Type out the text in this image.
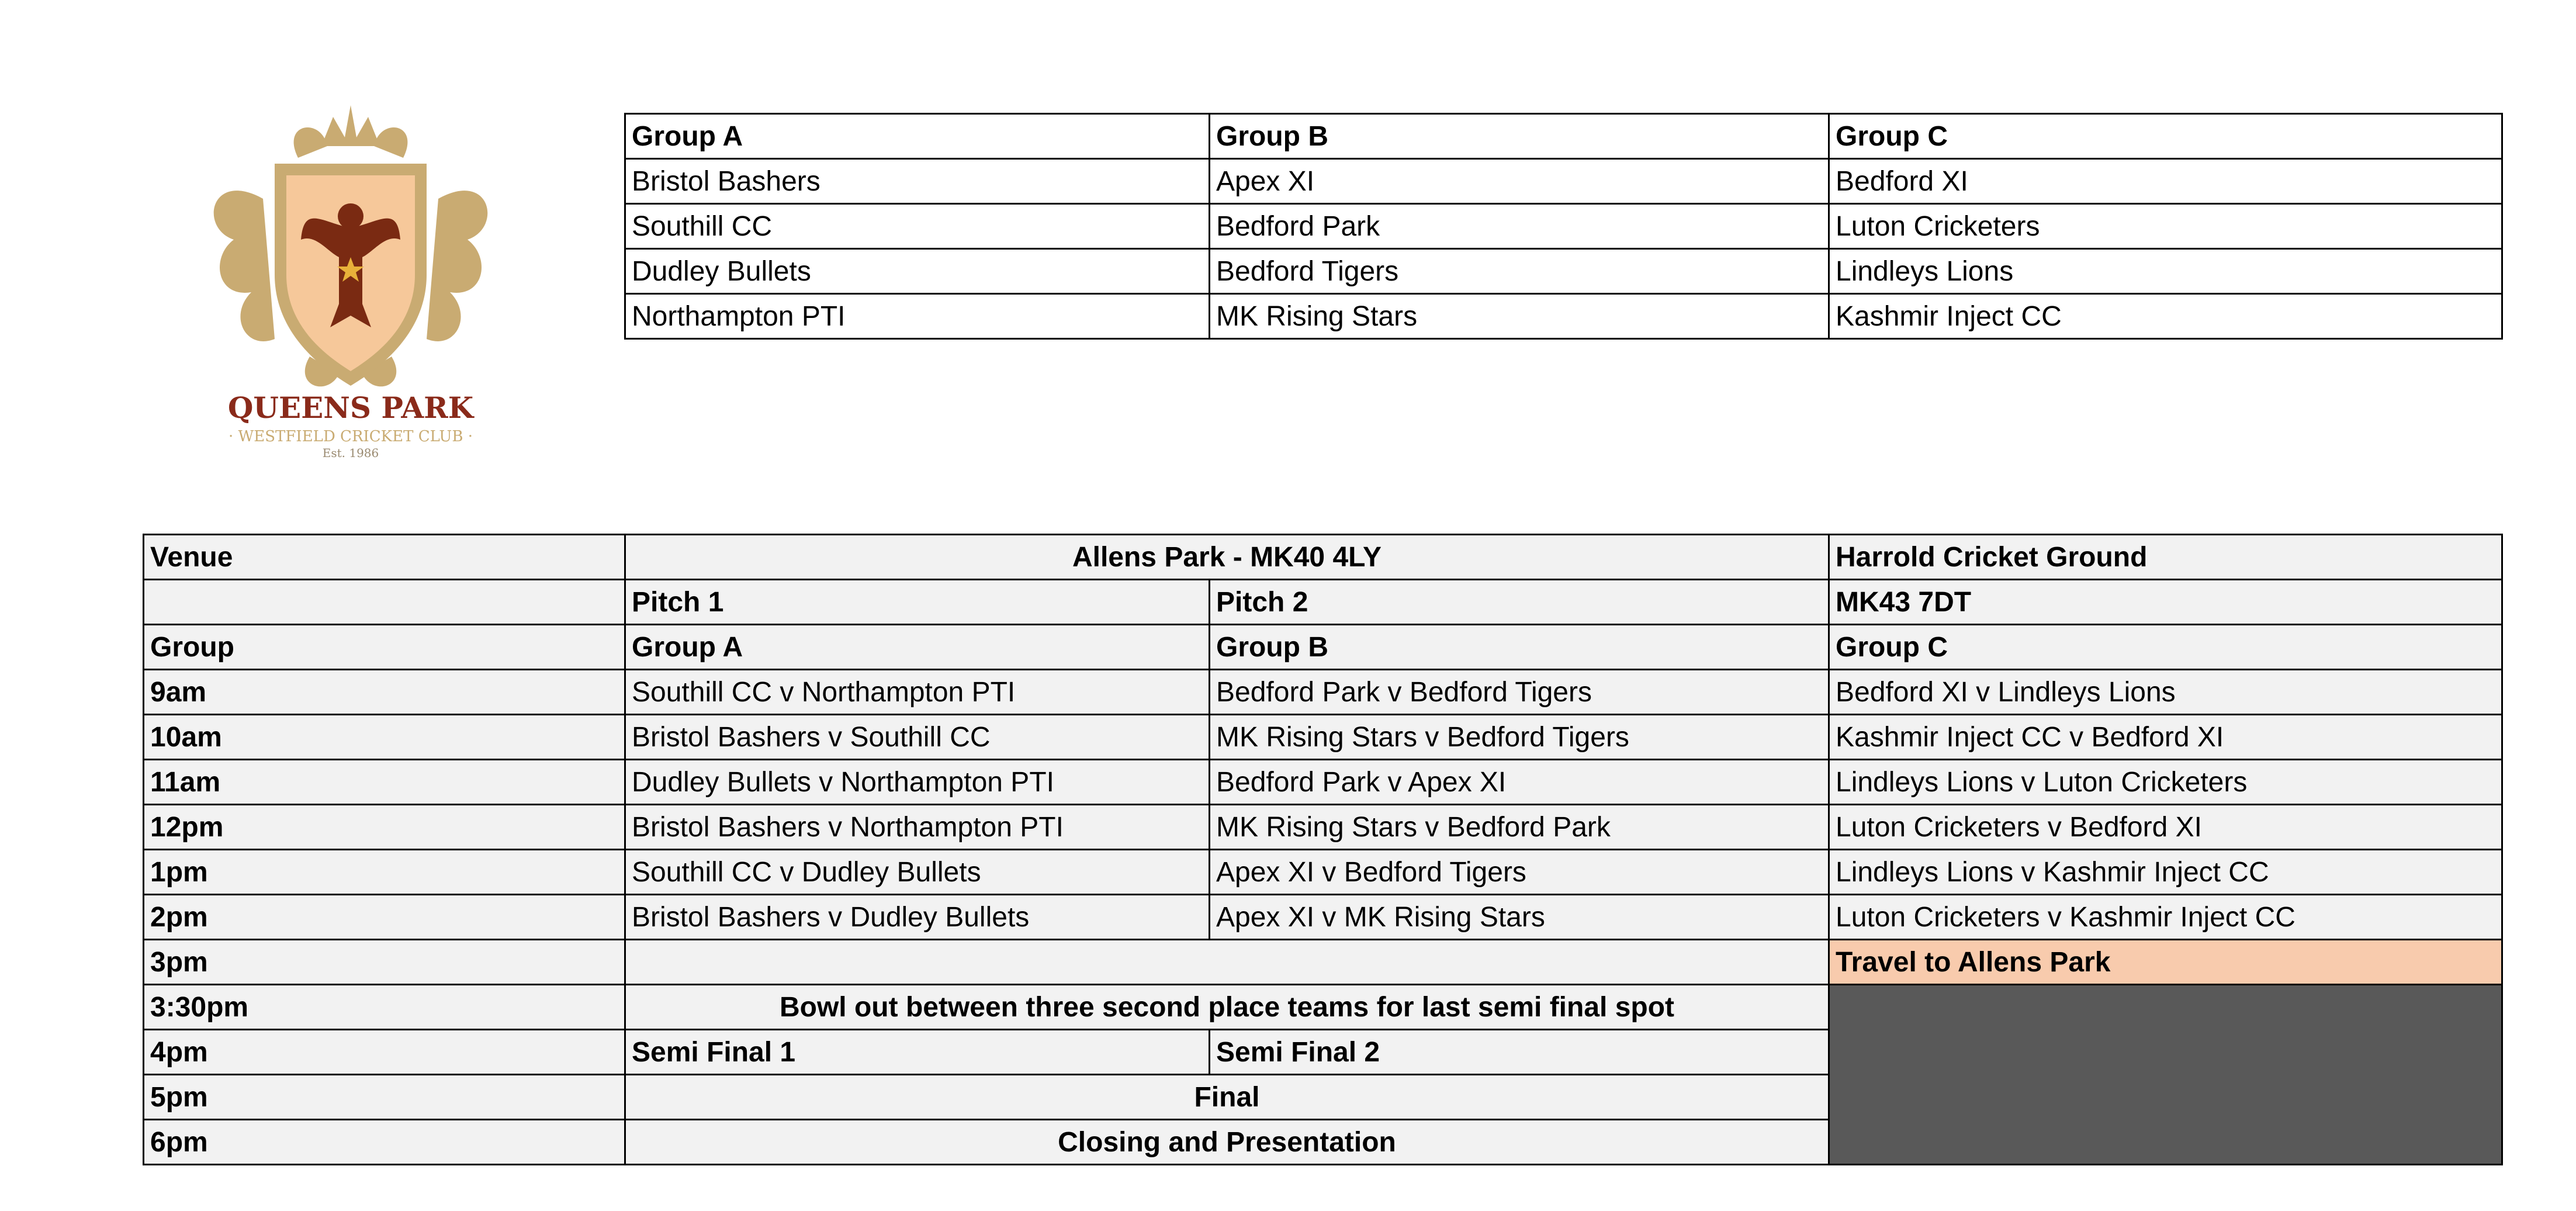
QUEENS PARK
· WESTFIELD CRICKET CLUB ·
Est. 1986
Group A	Group B	Group C
Bristol Bashers	Apex XI	Bedford XI
Southill CC	Bedford Park	Luton Cricketers
Dudley Bullets	Bedford Tigers	Lindleys Lions
Northampton PTI	MK Rising Stars	Kashmir Inject CC
Venue	Allens Park - MK40 4LY		Harrold Cricket Ground
	Pitch 1	Pitch 2	MK43 7DT
Group	Group A	Group B	Group C
9am	Southill CC v Northampton PTI	Bedford Park v Bedford Tigers	Bedford XI v Lindleys Lions
10am	Bristol Bashers v Southill CC	MK Rising Stars v Bedford Tigers	Kashmir Inject CC v Bedford XI
11am	Dudley Bullets v Northampton PTI	Bedford Park v Apex XI	Lindleys Lions v Luton Cricketers
12pm	Bristol Bashers v Northampton PTI	MK Rising Stars v Bedford Park	Luton Cricketers v Bedford XI
1pm	Southill CC v Dudley Bullets	Apex XI v Bedford Tigers	Lindleys Lions v Kashmir Inject CC
2pm	Bristol Bashers v Dudley Bullets	Apex XI v MK Rising Stars	Luton Cricketers v Kashmir Inject CC
3pm			Travel to Allens Park
3:30pm	Bowl out between three second place teams for last semi final spot		
4pm	Semi Final 1	Semi Final 2	
5pm	Final		
6pm	Closing and Presentation		
